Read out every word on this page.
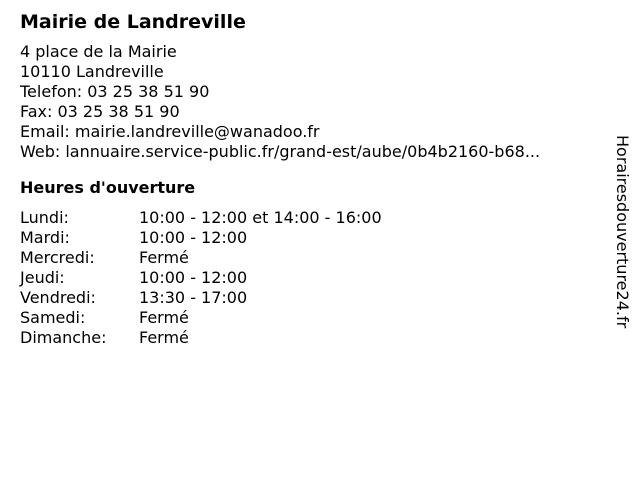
Mairie de Landreville
4 place de la Mairie
10110 Landreville
Telefon: 03 25 38 51 90
Fax: 03 25 38 51 90
Email: mairie.landreville@wanadoo.fr
Web: lannuaire.service-public.fr/grand-est/aube/0b4b2160-b68...
Heures d'ouverture
Lundi:	10:00 - 12:00 et 14:00 - 16:00
Mardi:	10:00 - 12:00
Mercredi:	Fermé
Jeudi:	10:00 - 12:00
Vendredi:	13:30 - 17:00
Samedi:	Fermé
Dimanche:	Fermé
Horairesdouverture24.fr
